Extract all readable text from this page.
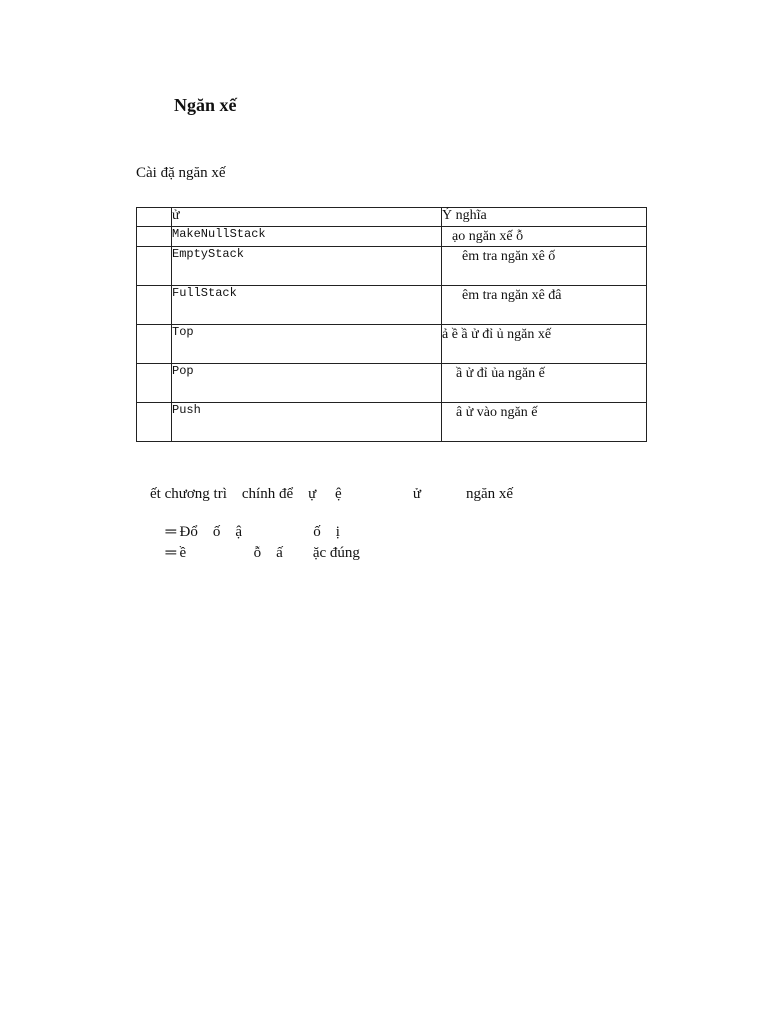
Ngăn xế
Cài đặ ngăn xế
	ử	Ý nghĩa
	MakeNullStack	ạo ngăn xế ỗ
	EmptyStack	êm tra ngăn xê ố
	FullStack	êm tra ngăn xê đâ
	Top	ả ề ầ ử đỉ ủ ngăn xế
	Pop	ầ ử đỉ ủa ngăn ế
	Push	â ử vào ngăn ế
ết chương trì    chính để    ự     ệ                   ử            ngăn xế

═ Đổ    ố    ậ                   ố    ị

═ ề                  ỗ    ấ        ặc đúng
